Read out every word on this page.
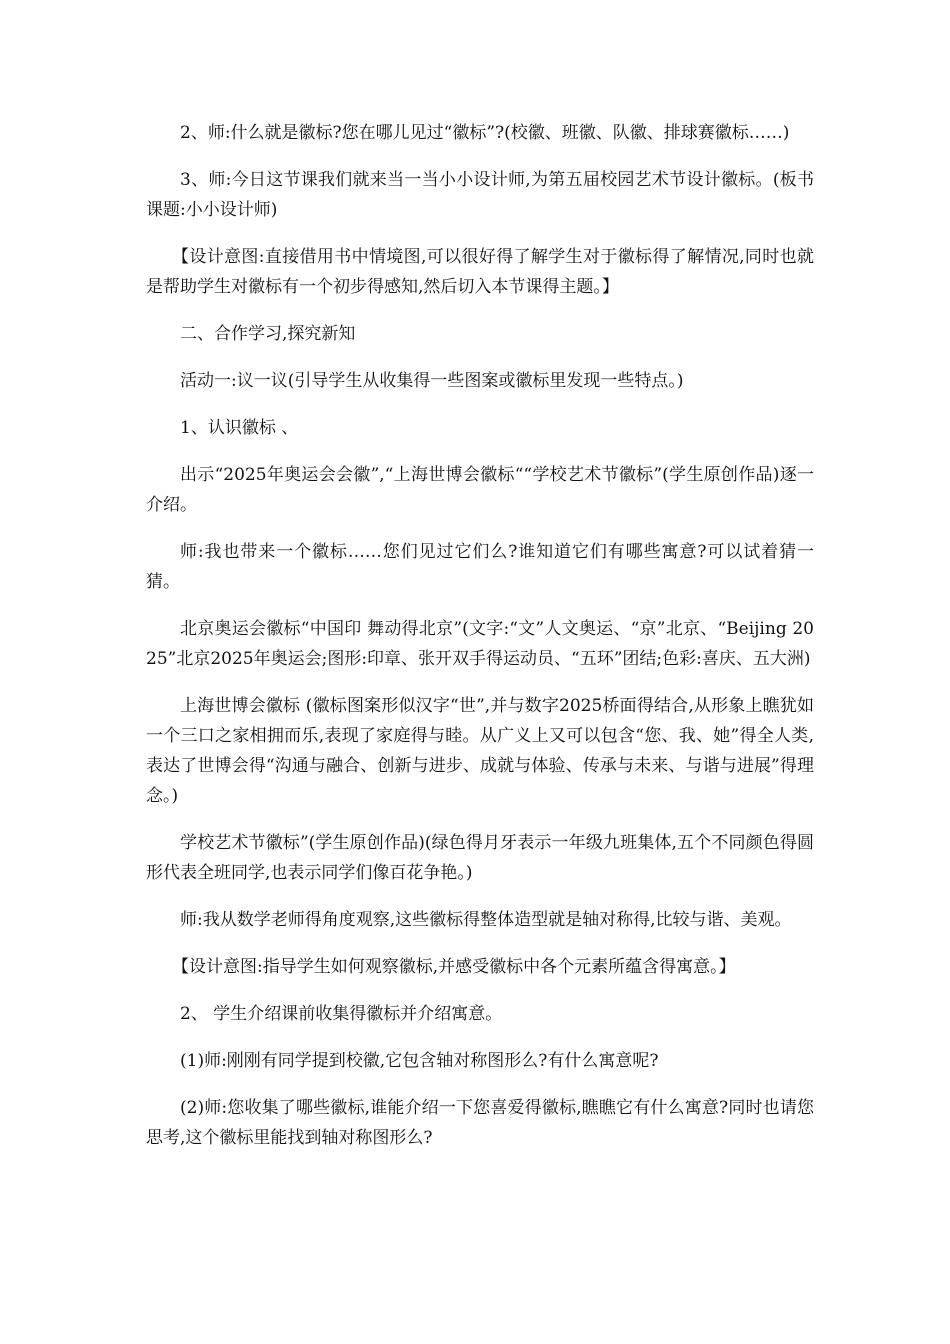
2、师:什么就是徽标?您在哪儿见过“徽标”?(校徽、班徽、队徽、排球赛徽标……)

3、师:今日这节课我们就来当一当小小设计师,为第五届校园艺术节设计徽标。(板书课题:小小设计师)

【设计意图:直接借用书中情境图,可以很好得了解学生对于徽标得了解情况,同时也就是帮助学生对徽标有一个初步得感知,然后切入本节课得主题。】

二、合作学习,探究新知

活动一:议一议(引导学生从收集得一些图案或徽标里发现一些特点。)

1、认识徽标 、

出示“2025年奥运会会徽”,“上海世博会徽标““学校艺术节徽标”(学生原创作品)逐一介绍。

师:我也带来一个徽标……您们见过它们么?谁知道它们有哪些寓意?可以试着猜一猜。

北京奥运会徽标“中国印 舞动得北京”(文字:“文”人文奥运、“京”北京、“Beijing 2025”北京2025年奥运会;图形:印章、张开双手得运动员、“五环”团结;色彩:喜庆、五大洲)

上海世博会徽标 (徽标图案形似汉字“世”,并与数字2025桥面得结合,从形象上瞧犹如一个三口之家相拥而乐,表现了家庭得与睦。从广义上又可以包含“您、我、她”得全人类,表达了世博会得“沟通与融合、创新与进步、成就与体验、传承与未来、与谐与进展”得理念。)

学校艺术节徽标”(学生原创作品)(绿色得月牙表示一年级九班集体,五个不同颜色得圆形代表全班同学,也表示同学们像百花争艳。)

师:我从数学老师得角度观察,这些徽标得整体造型就是轴对称得,比较与谐、美观。

【设计意图:指导学生如何观察徽标,并感受徽标中各个元素所蕴含得寓意。】

2、 学生介绍课前收集得徽标并介绍寓意。

(1)师:刚刚有同学提到校徽,它包含轴对称图形么?有什么寓意呢?

(2)师:您收集了哪些徽标,谁能介绍一下您喜爱得徽标,瞧瞧它有什么寓意?同时也请您思考,这个徽标里能找到轴对称图形么?
